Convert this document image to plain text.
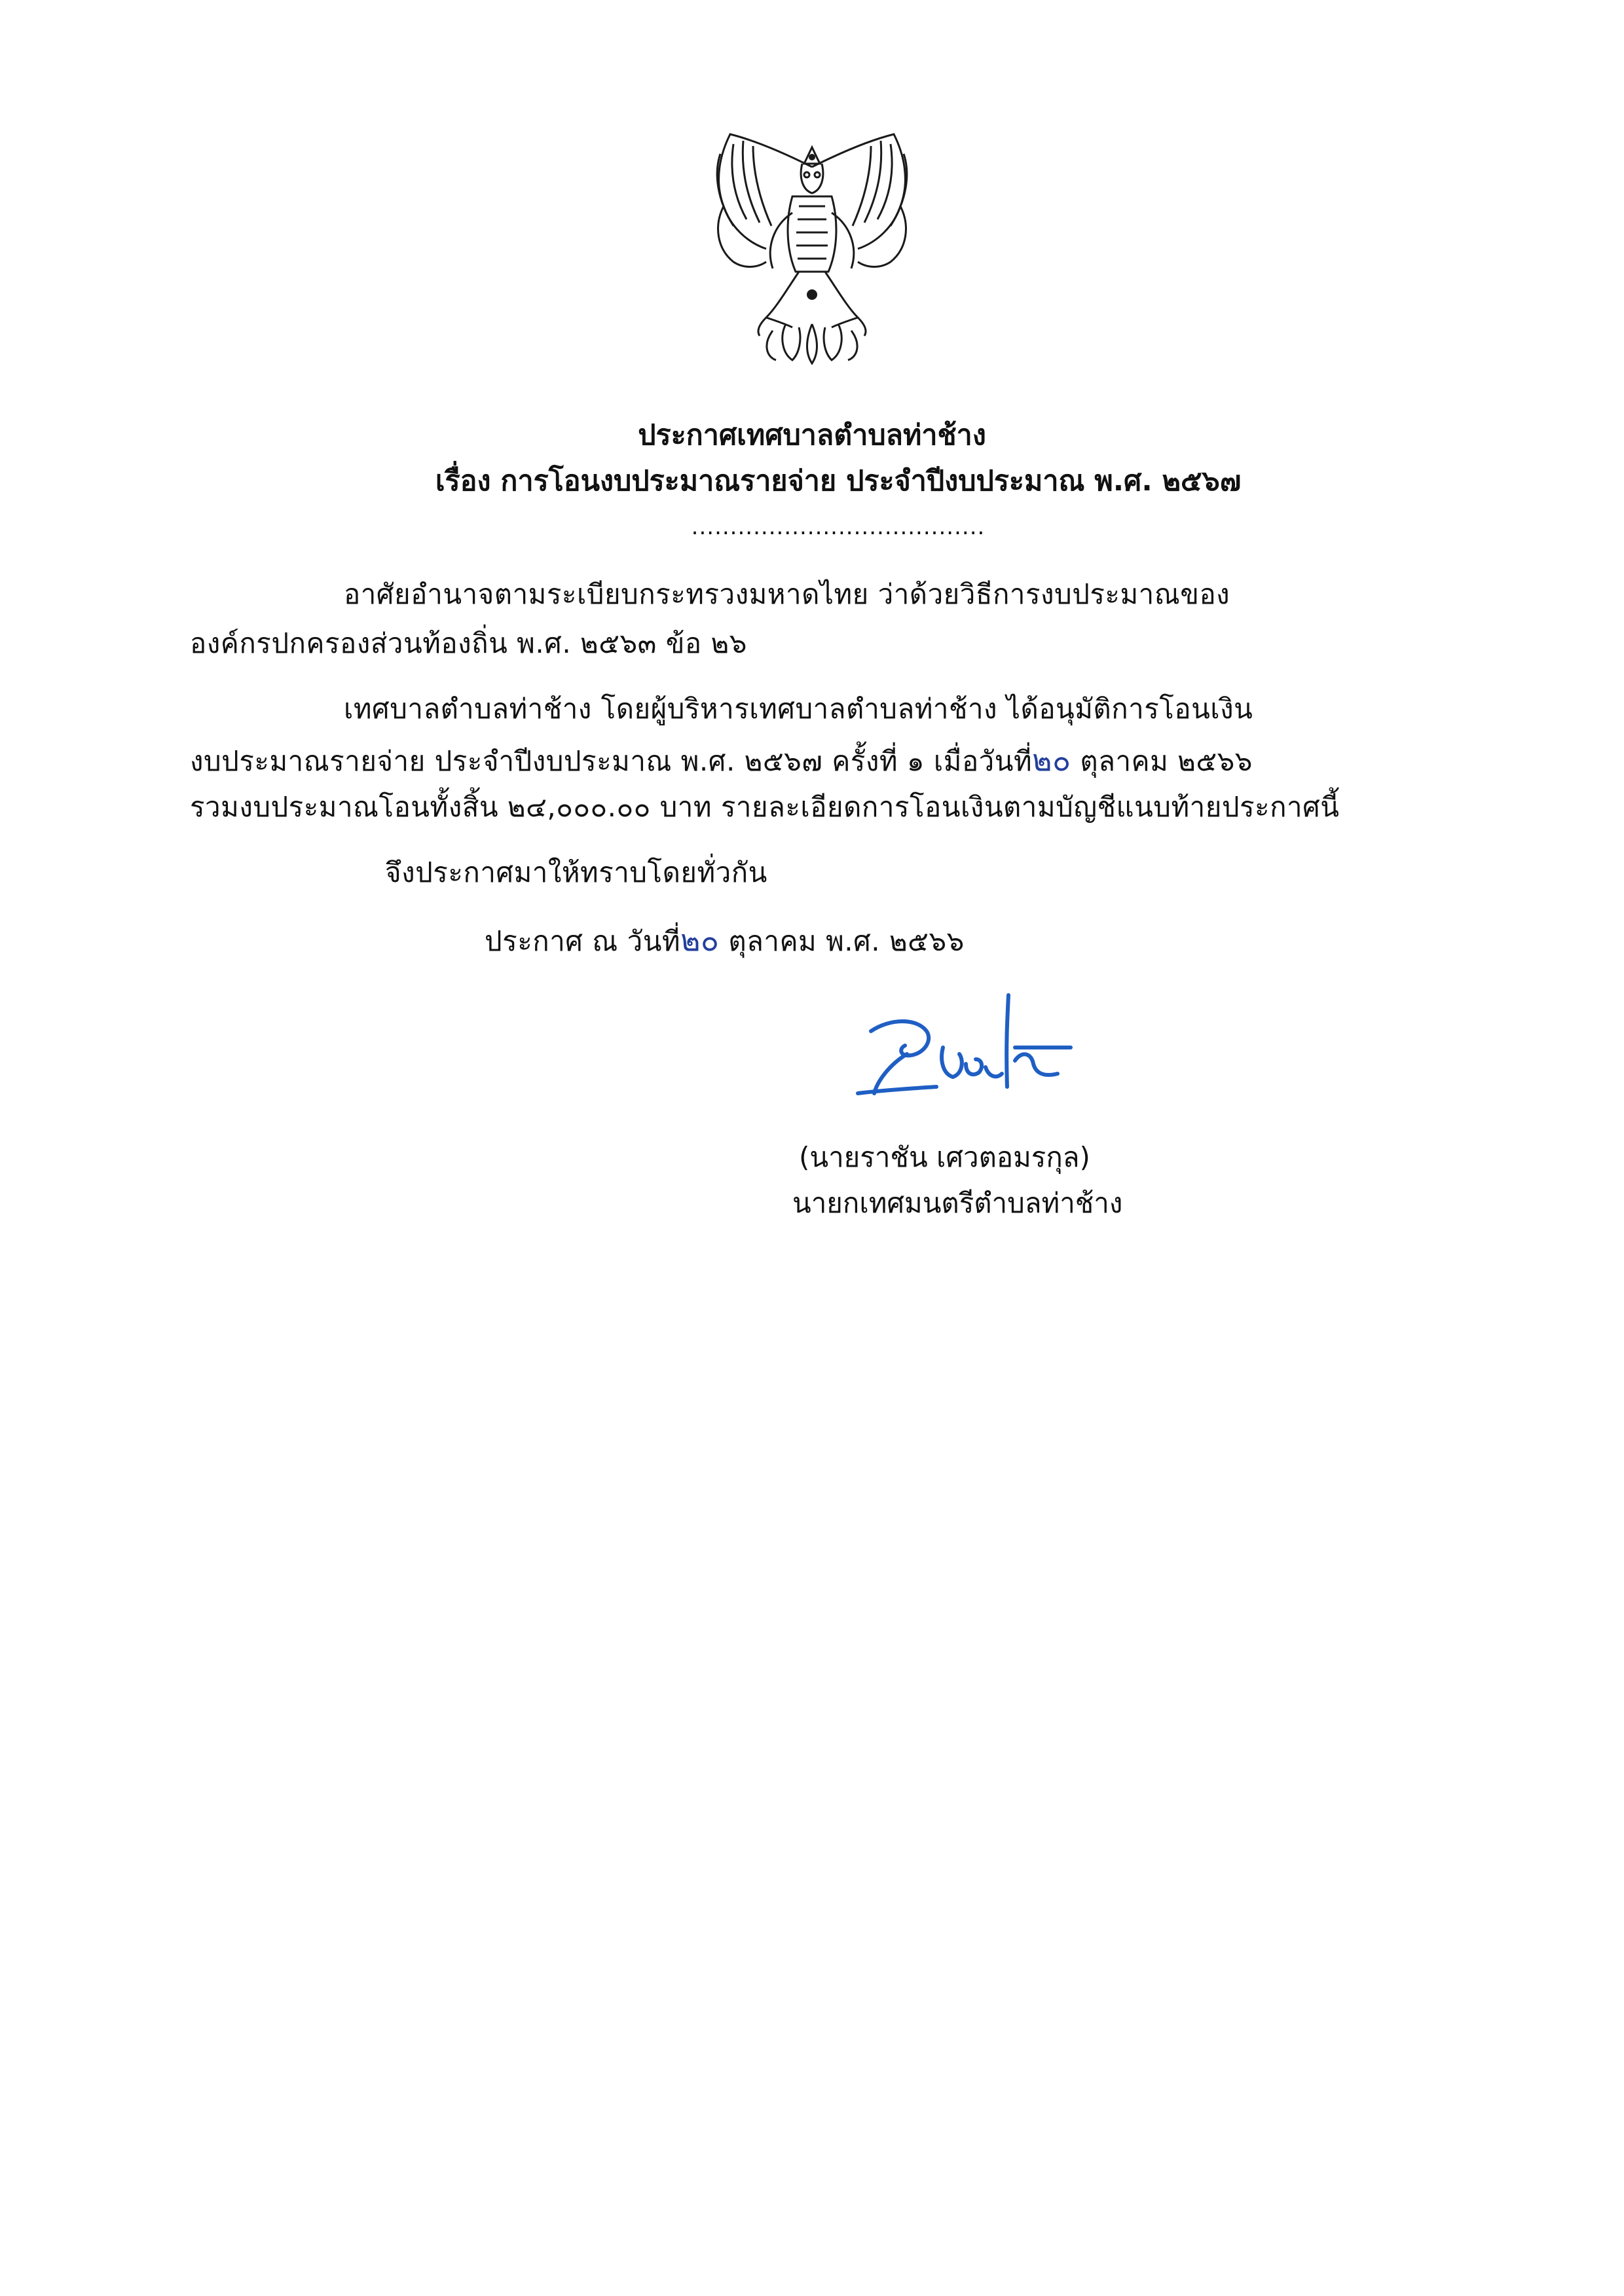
ประกาศเทศบาลตำบลท่าช้าง
เรื่อง การโอนงบประมาณรายจ่าย ประจำปีงบประมาณ พ.ศ. ๒๕๖๗
......................................
อาศัยอำนาจตามระเบียบกระทรวงมหาดไทย ว่าด้วยวิธีการงบประมาณของ
องค์กรปกครองส่วนท้องถิ่น พ.ศ. ๒๕๖๓ ข้อ ๒๖
เทศบาลตำบลท่าช้าง โดยผู้บริหารเทศบาลตำบลท่าช้าง ได้อนุมัติการโอนเงิน
งบประมาณรายจ่าย ประจำปีงบประมาณ พ.ศ. ๒๕๖๗ ครั้งที่ ๑ เมื่อวันที่๒๐ ตุลาคม ๒๕๖๖
รวมงบประมาณโอนทั้งสิ้น ๒๔,๐๐๐.๐๐ บาท รายละเอียดการโอนเงินตามบัญชีแนบท้ายประกาศนี้
จึงประกาศมาให้ทราบโดยทั่วกัน
ประกาศ ณ วันที่๒๐ ตุลาคม พ.ศ. ๒๕๖๖
(นายราชัน เศวตอมรกุล)
นายกเทศมนตรีตำบลท่าช้าง
